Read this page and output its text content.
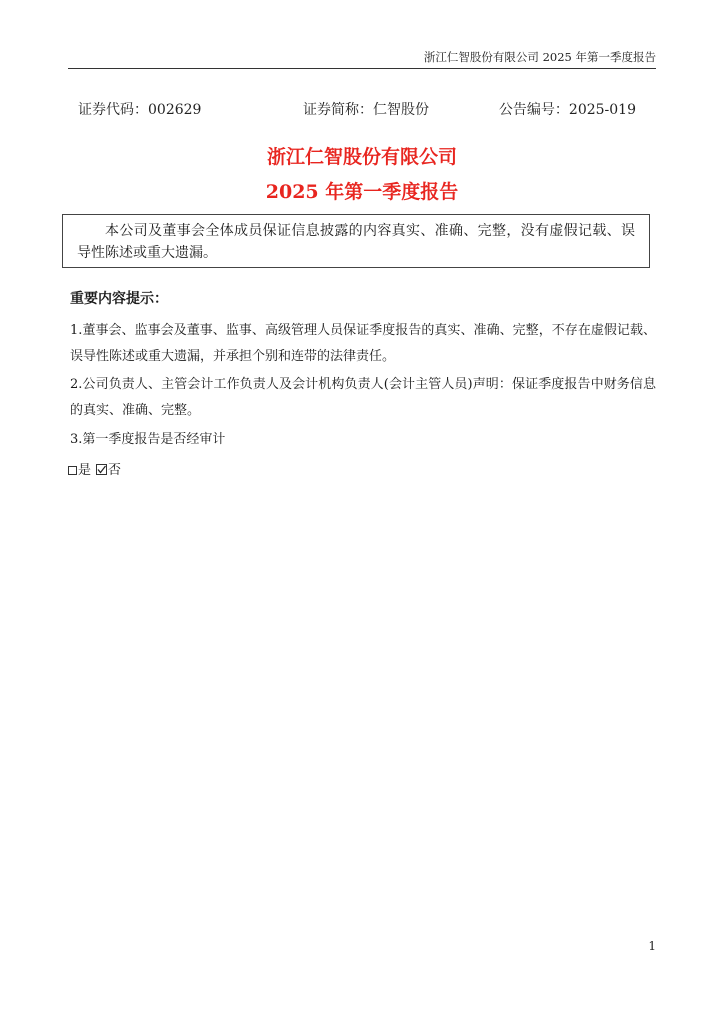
浙江仁智股份有限公司 2025 年第一季度报告
证券代码：002629	证券简称：仁智股份	公告编号：2025-019
浙江仁智股份有限公司
2025 年第一季度报告
本公司及董事会全体成员保证信息披露的内容真实、准确、完整，没有虚假记载、误导性陈述或重大遗漏。
重要内容提示：
1.董事会、监事会及董事、监事、高级管理人员保证季度报告的真实、准确、完整，不存在虚假记载、误导性陈述或重大遗漏，并承担个别和连带的法律责任。
2.公司负责人、主管会计工作负责人及会计机构负责人(会计主管人员)声明：保证季度报告中财务信息的真实、准确、完整。
3.第一季度报告是否经审计
是 否
1
